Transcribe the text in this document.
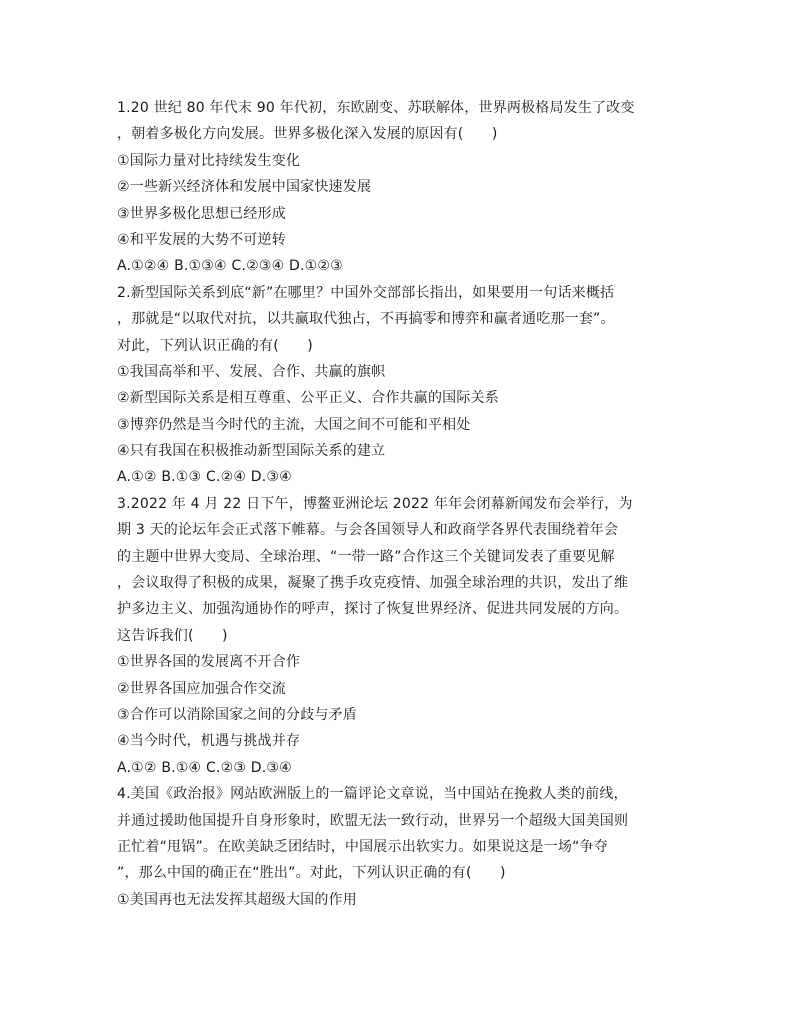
1.20 世纪 80 年代末 90 年代初，东欧剧变、苏联解体，世界两极格局发生了改变
，朝着多极化方向发展。世界多极化深入发展的原因有(　　)
①国际力量对比持续发生变化
②一些新兴经济体和发展中国家快速发展
③世界多极化思想已经形成
④和平发展的大势不可逆转
A.①②④ B.①③④ C.②③④ D.①②③
2.新型国际关系到底“新”在哪里？中国外交部部长指出，如果要用一句话来概括
，那就是“以取代对抗，以共赢取代独占，不再搞零和博弈和赢者通吃那一套”。
对此，下列认识正确的有(　　)
①我国高举和平、发展、合作、共赢的旗帜
②新型国际关系是相互尊重、公平正义、合作共赢的国际关系
③博弈仍然是当今时代的主流，大国之间不可能和平相处
④只有我国在积极推动新型国际关系的建立
A.①② B.①③ C.②④ D.③④
3.2022 年 4 月 22 日下午，博鳌亚洲论坛 2022 年年会闭幕新闻发布会举行，为
期 3 天的论坛年会正式落下帷幕。与会各国领导人和政商学各界代表围绕着年会
的主题中世界大变局、全球治理、“一带一路”合作这三个关键词发表了重要见解
，会议取得了积极的成果，凝聚了携手攻克疫情、加强全球治理的共识，发出了维
护多边主义、加强沟通协作的呼声，探讨了恢复世界经济、促进共同发展的方向。
这告诉我们(　　)
①世界各国的发展离不开合作
②世界各国应加强合作交流
③合作可以消除国家之间的分歧与矛盾
④当今时代，机遇与挑战并存
A.①② B.①④ C.②③ D.③④
4.美国《政治报》网站欧洲版上的一篇评论文章说，当中国站在挽救人类的前线，
并通过援助他国提升自身形象时，欧盟无法一致行动，世界另一个超级大国美国则
正忙着“甩锅”。在欧美缺乏团结时，中国展示出软实力。如果说这是一场“争夺
”，那么中国的确正在“胜出”。对此，下列认识正确的有(　　)
①美国再也无法发挥其超级大国的作用
